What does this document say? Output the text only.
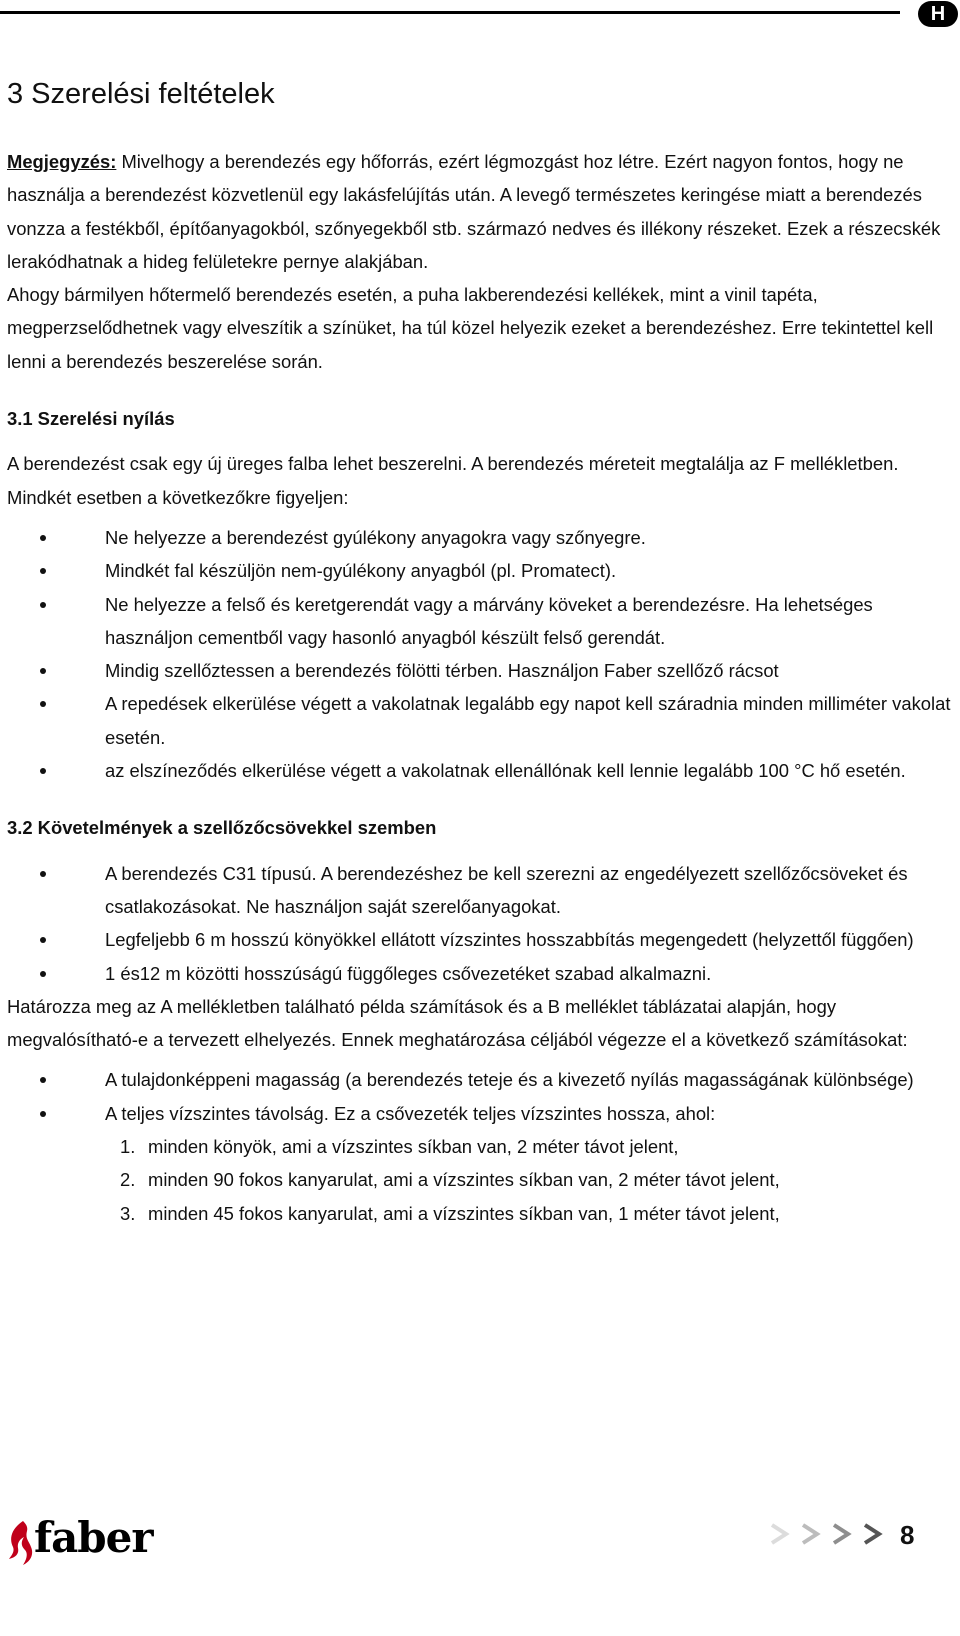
H
3 Szerelési feltételek

Megjegyzés: Mivelhogy a berendezés egy hőforrás, ezért légmozgást hoz létre. Ezért nagyon fontos, hogy ne használja a berendezést közvetlenül egy lakásfelújítás után. A levegő természetes keringése miatt a berendezés vonzza a festékből, építőanyagokból, szőnyegekből stb. származó nedves és illékony részeket. Ezek a részecskék lerakódhatnak a hideg felületekre pernye alakjában.

Ahogy bármilyen hőtermelő berendezés esetén, a puha lakberendezési kellékek, mint a vinil tapéta, megperzselődhetnek vagy elveszítik a színüket, ha túl közel helyezik ezeket a berendezéshez. Erre tekintettel kell lenni a berendezés beszerelése során.

3.1 Szerelési nyílás

A berendezést csak egy új üreges falba lehet beszerelni. A berendezés méreteit megtalálja az F mellékletben.

Mindkét esetben a következőkre figyeljen:

Ne helyezze a berendezést gyúlékony anyagokra vagy szőnyegre.
Mindkét fal készüljön nem-gyúlékony anyagból (pl. Promatect).
Ne helyezze a felső és keretgerendát vagy a márvány köveket a berendezésre. Ha lehetséges használjon cementből vagy hasonló anyagból készült felső gerendát.
Mindig szellőztessen a berendezés fölötti térben. Használjon Faber szellőző rácsot
A repedések elkerülése végett a vakolatnak legalább egy napot kell száradnia minden milliméter vakolat esetén.
az elszíneződés elkerülése végett a vakolatnak ellenállónak kell lennie legalább 100 °C hő esetén.
3.2 Követelmények a szellőzőcsövekkel szemben
A berendezés C31 típusú. A berendezéshez be kell szerezni az engedélyezett szellőzőcsöveket és csatlakozásokat. Ne használjon saját szerelőanyagokat.
Legfeljebb 6 m hosszú könyökkel ellátott vízszintes hosszabbítás megengedett (helyzettől függően)
1 és12 m közötti hosszúságú függőleges csővezetéket szabad alkalmazni.

Határozza meg az A mellékletben található példa számítások és a B melléklet táblázatai alapján, hogy megvalósítható-e a tervezett elhelyezés. Ennek meghatározása céljából végezze el a következő számításokat:

A tulajdonképpeni magasság (a berendezés teteje és a kivezető nyílás magasságának különbsége)
A teljes vízszintes távolság. Ez a csővezeték teljes vízszintes hossza, ahol:
1. minden könyök, ami a vízszintes síkban van, 2 méter távot jelent,
2. minden 90 fokos kanyarulat, ami a vízszintes síkban van, 2 méter távot jelent,
3. minden 45 fokos kanyarulat, ami a vízszintes síkban van, 1 méter távot jelent,
faber	8
